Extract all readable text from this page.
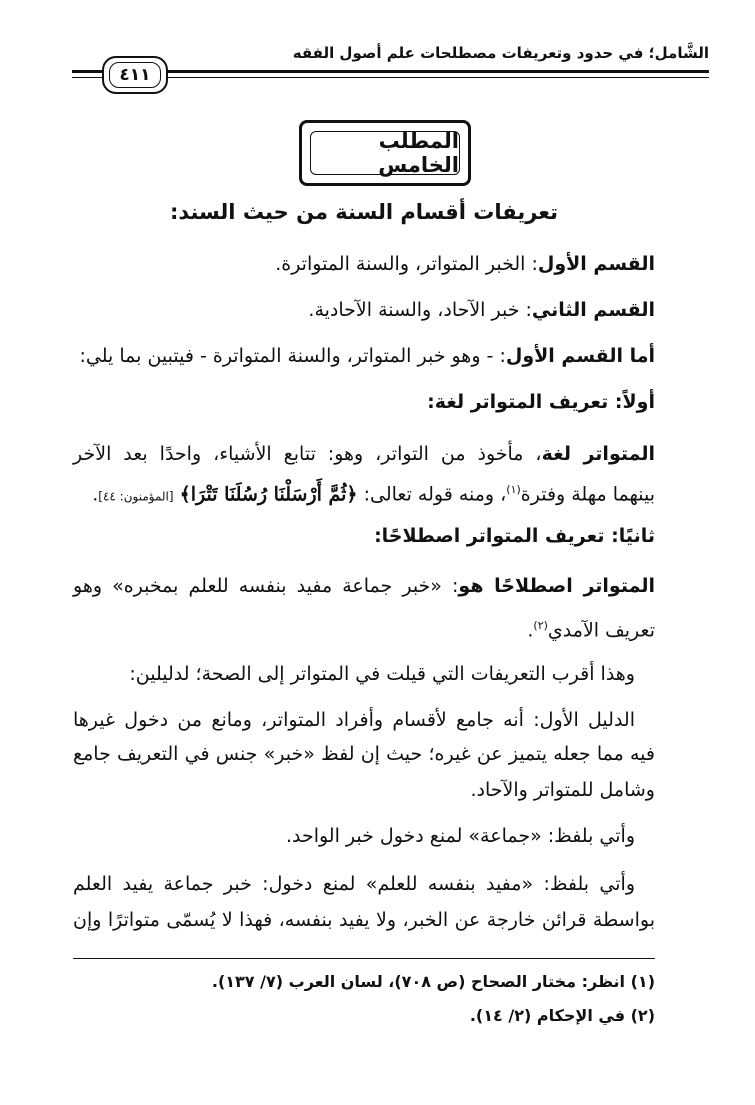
الشَّامل؛ في حدود وتعريفات مصطلحات علم أصول الفقه
٤١١
المطلب الخامس
تعريفات أقسام السنة من حيث السند:
القسم الأول: الخبر المتواتر، والسنة المتواترة.
القسم الثاني: خبر الآحاد، والسنة الآحادية.
أما القسم الأول: - وهو خبر المتواتر، والسنة المتواترة - فيتبين بما يلي:
أولاً: تعريف المتواتر لغة:
المتواتر لغة، مأخوذ من التواتر، وهو: تتابع الأشياء، واحدًا بعد الآخر
بينهما مهلة وفترة$^{(١)}$، ومنه قوله تعالى: ﴿ثُمَّ أَرْسَلْنَا رُسُلَنَا تَتْرَا﴾ [المؤمنون: ٤٤].
ثانيًا: تعريف المتواتر اصطلاحًا:
المتواتر اصطلاحًا هو: «خبر جماعة مفيد بنفسه للعلم بمخبره» وهو
تعريف الآمدي$^{(٢)}$.
وهذا أقرب التعريفات التي قيلت في المتواتر إلى الصحة؛ لدليلين:
الدليل الأول: أنه جامع لأقسام وأفراد المتواتر، ومانع من دخول غيرها
فيه مما جعله يتميز عن غيره؛ حيث إن لفظ «خبر» جنس في التعريف جامع
وشامل للمتواتر والآحاد.
وأتي بلفظ: «جماعة» لمنع دخول خبر الواحد.
وأتي بلفظ: «مفيد بنفسه للعلم» لمنع دخول: خبر جماعة يفيد العلم
بواسطة قرائن خارجة عن الخبر، ولا يفيد بنفسه، فهذا لا يُسمّى متواترًا وإن
(١) انظر: مختار الصحاح (ص ٧٠٨)، لسان العرب (٧/ ١٣٧).
(٢) في الإحكام (٢/ ١٤).
